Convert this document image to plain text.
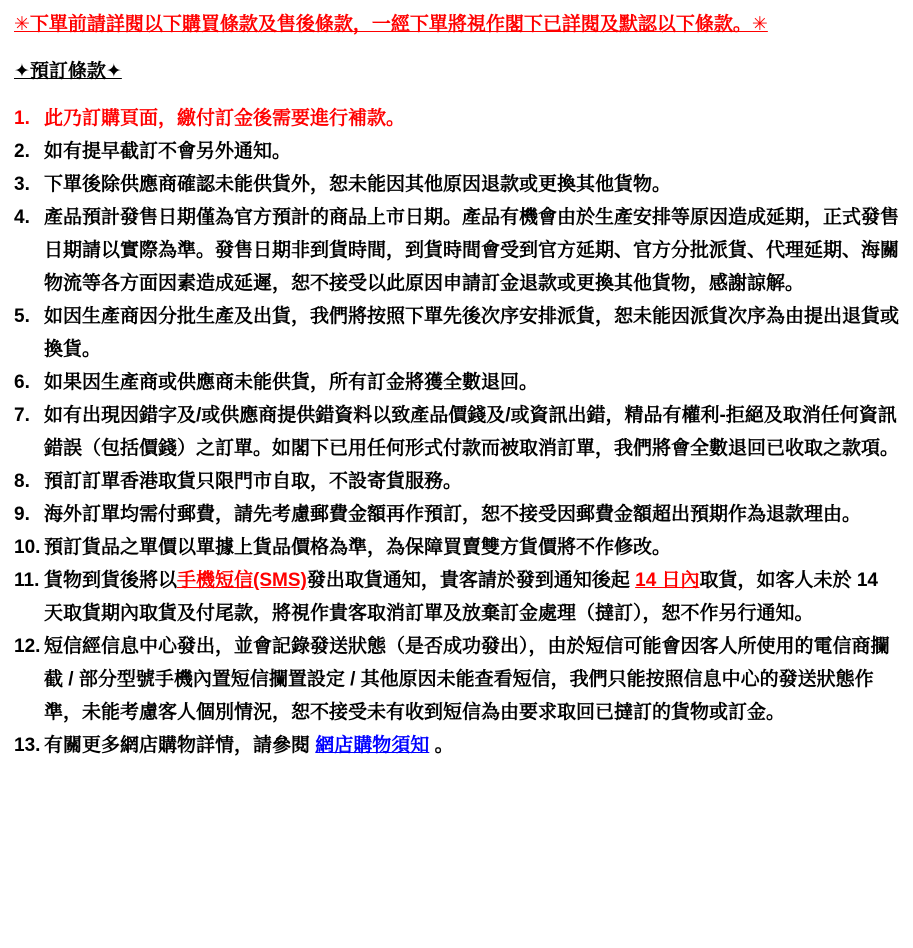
✳下單前請詳閱以下購買條款及售後條款，一經下單將視作閣下已詳閱及默認以下條款。✳
✦預訂條款✦
1. 此乃訂購頁面，繳付訂金後需要進行補款。
2. 如有提早截訂不會另外通知。
3. 下單後除供應商確認未能供貨外，恕未能因其他原因退款或更換其他貨物。
4. 產品預計發售日期僅為官方預計的商品上市日期。產品有機會由於生產安排等原因造成延期，正式發售日期請以實際為準。發售日期非到貨時間，到貨時間會受到官方延期、官方分批派貨、代理延期、海關物流等各方面因素造成延遲，恕不接受以此原因申請訂金退款或更換其他貨物，感謝諒解。
5. 如因生產商因分批生產及出貨，我們將按照下單先後次序安排派貨，恕未能因派貨次序為由提出退貨或換貨。
6. 如果因生產商或供應商未能供貨，所有訂金將獲全數退回。
7. 如有出現因錯字及/或供應商提供錯資料以致產品價錢及/或資訊出錯，精品有權利-拒絕及取消任何資訊錯誤（包括價錢）之訂單。如閣下已用任何形式付款而被取消訂單，我們將會全數退回已收取之款項。
8. 預訂訂單香港取貨只限門市自取，不設寄貨服務。
9. 海外訂單均需付郵費，請先考慮郵費金額再作預訂，恕不接受因郵費金額超出預期作為退款理由。
10. 預訂貨品之單價以單據上貨品價格為準，為保障買賣雙方貨價將不作修改。
11. 貨物到貨後將以手機短信(SMS)發出取貨通知，貴客請於發到通知後起 14 日內取貨，如客人未於 14 天取貨期內取貨及付尾款，將視作貴客取消訂單及放棄訂金處理（撻訂），恕不作另行通知。
12. 短信經信息中心發出，並會記錄發送狀態（是否成功發出），由於短信可能會因客人所使用的電信商攔截 / 部分型號手機內置短信攔置設定 / 其他原因未能查看短信，我們只能按照信息中心的發送狀態作準，未能考慮客人個別情況，恕不接受未有收到短信為由要求取回已撻訂的貨物或訂金。
13. 有關更多網店購物詳情，請參閱 網店購物須知 。
